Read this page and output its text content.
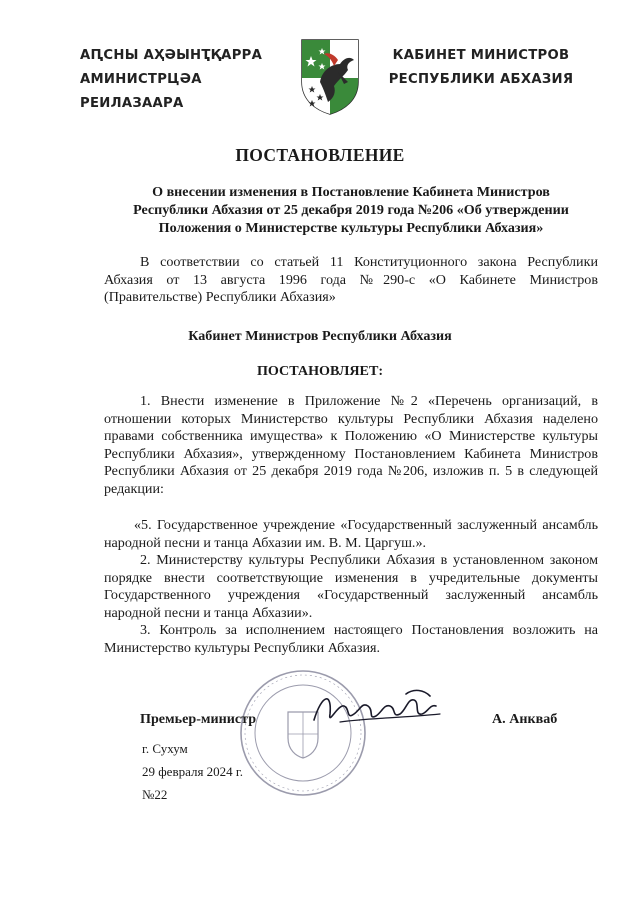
АԤСНЫ АҲӘЫНҬҚАРРА
АМИНИСТРЦӘА РЕИЛАЗААРА
КАБИНЕТ МИНИСТРОВ
РЕСПУБЛИКИ АБХАЗИЯ
ПОСТАНОВЛЕНИЕ
О внесении изменения в Постановление Кабинета Министров
Республики Абхазия от 25 декабря 2019 года №206 «Об утверждении
Положения о Министерстве культуры Республики Абхазия»
В соответствии со статьей 11 Конституционного закона Республики Абхазия от 13 августа 1996 года №290-с «О Кабинете Министров (Правительстве) Республики Абхазия»
Кабинет Министров Республики Абхазия
ПОСТАНОВЛЯЕТ:
1. Внести изменение в Приложение №2 «Перечень организаций, в отношении которых Министерство культуры Республики Абхазия наделено правами собственника имущества» к Положению «О Министерстве культуры Республики Абхазия», утвержденному Постановлением Кабинета Министров Республики Абхазия от 25 декабря 2019 года №206, изложив п. 5 в следующей редакции:
«5. Государственное учреждение «Государственный заслуженный ансамбль народной песни и танца Абхазии им. В. М. Царгуш.».
2. Министерству культуры Республики Абхазия в установленном законом порядке внести соответствующие изменения в учредительные документы Государственного учреждения «Государственный заслуженный ансамбль народной песни и танца Абхазии».
3. Контроль за исполнением настоящего Постановления возложить на Министерство культуры Республики Абхазия.
Премьер-министр	А. Анкваб
г. Сухум
29 февраля 2024 г.
№22
